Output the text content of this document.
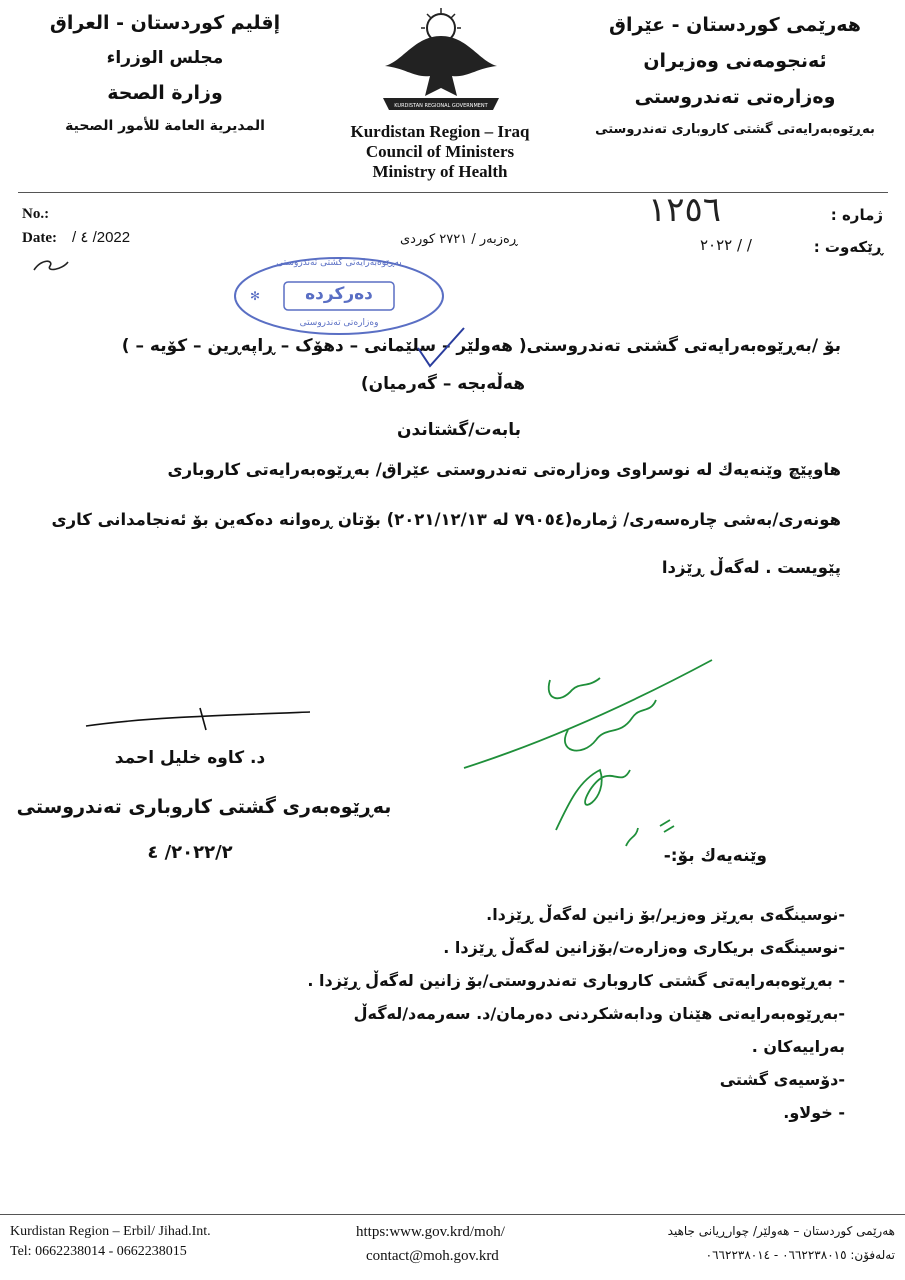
إقليم كوردستان - العراق
مجلس الوزراء
وزارة الصحة
المديرية العامة للأمور الصحية
هەرێمی کوردستان - عێراق
ئەنجومەنی وەزیران
وەزارەتی تەندروستی
بەڕێوەبەرایەتی گشتی کاروباری تەندروستی
KURDISTAN REGIONAL GOVERNMENT
Kurdistan Region – Iraq
Council of Ministers
Ministry of Health
No.:
Date: / ٤ /2022
ژمارە :
١٢٥٦
ڕێکەوت :
/ / ٢٠٢٢
ڕەزبەر / ٢٧٢١ کوردی
✻
بەڕێوەبەرایەتی گشتی تەندروستی
دەرکردە
وەزارەتی تەندروستی
بۆ /بەڕێوەبەرایەتی گشتی تەندروستی( هەولێر – سلێمانی – دهۆک – ڕاپەڕین – کۆیە – )
هەڵەبجە – گەرمیان)
بابەت/گشتاندن
هاوپێچ وێنەیەك لە نوسراوی وەزارەتی تەندروستی عێراق/ بەڕێوەبەرایەتی کاروباری
هونەری/بەشی چارەسەری/ ژمارە(٧٩٠٥٤ لە ٢٠٢١/١٢/١٣) بۆتان ڕەوانە دەکەین بۆ ئەنجامدانی کاری
پێویست . لەگەڵ ڕێزدا
د. کاوە خلیل احمد
بەڕێوەبەری گشتی کاروباری تەندروستی
٢٠٢٢/٢/ ٤	وێنەیەك بۆ:-
-نوسینگەی بەڕێز وەزیر/بۆ زانین لەگەڵ ڕێزدا.
-نوسینگەی بریکاری وەزارەت/بۆزانین لەگەڵ ڕێزدا .
- بەڕێوەبەرایەتی گشتی کاروباری تەندروستی/بۆ زانین لەگەڵ ڕێزدا .
-بەڕێوەبەرایەتی هێنان ودابەشکردنی دەرمان/د. سەرمەد/لەگەڵ بەراییەکان .
-دۆسیەی گشتی
- خولاو.
Kurdistan Region – Erbil/ Jihad.Int.
Tel: 0662238014 - 0662238015
https:www.gov.krd/moh/
contact@moh.gov.krd
هەرێمی کوردستان – هەولێر/ چوارڕیانی جاهید
تەلەفۆن: ٠٦٦٢٢٣٨٠١٥ - ٠٦٦٢٢٣٨٠١٤
